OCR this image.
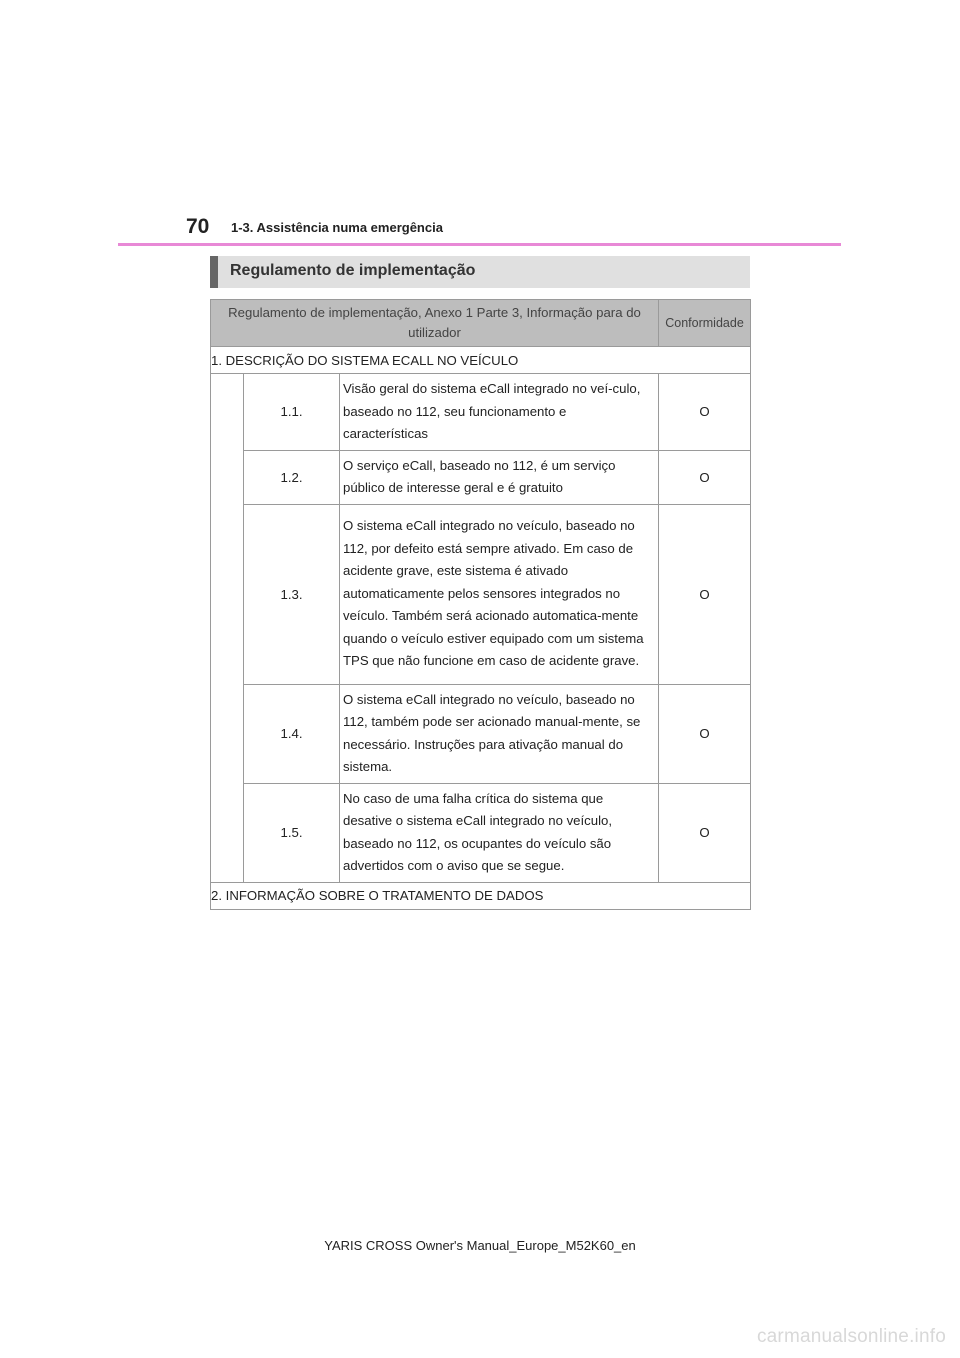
70 1-3. Assistência numa emergência
Regulamento de implementação
Regulamento de implementação, Anexo 1 Parte 3, Informação para do utilizador			Conformidade
1. DESCRIÇÃO DO SISTEMA ECALL NO VEÍCULO			
	1.1.	Visão geral do sistema eCall integrado no veí-culo, baseado no 112, seu funcionamento e características	O
	1.2.	O serviço eCall, baseado no 112, é um serviço público de interesse geral e é gratuito	O
	1.3.	O sistema eCall integrado no veículo, baseado no 112, por defeito está sempre ativado. Em caso de acidente grave, este sistema é ativado automaticamente pelos sensores integrados no veículo. Também será acionado automatica-mente quando o veículo estiver equipado com um sistema TPS que não funcione em caso de acidente grave.	O
	1.4.	O sistema eCall integrado no veículo, baseado no 112, também pode ser acionado manual-mente, se necessário. Instruções para ativação manual do sistema.	O
	1.5.	No caso de uma falha crítica do sistema que desative o sistema eCall integrado no veículo, baseado no 112, os ocupantes do veículo são advertidos com o aviso que se segue.	O
2. INFORMAÇÃO SOBRE O TRATAMENTO DE DADOS			
YARIS CROSS Owner's Manual_Europe_M52K60_en
carmanualsonline.info
